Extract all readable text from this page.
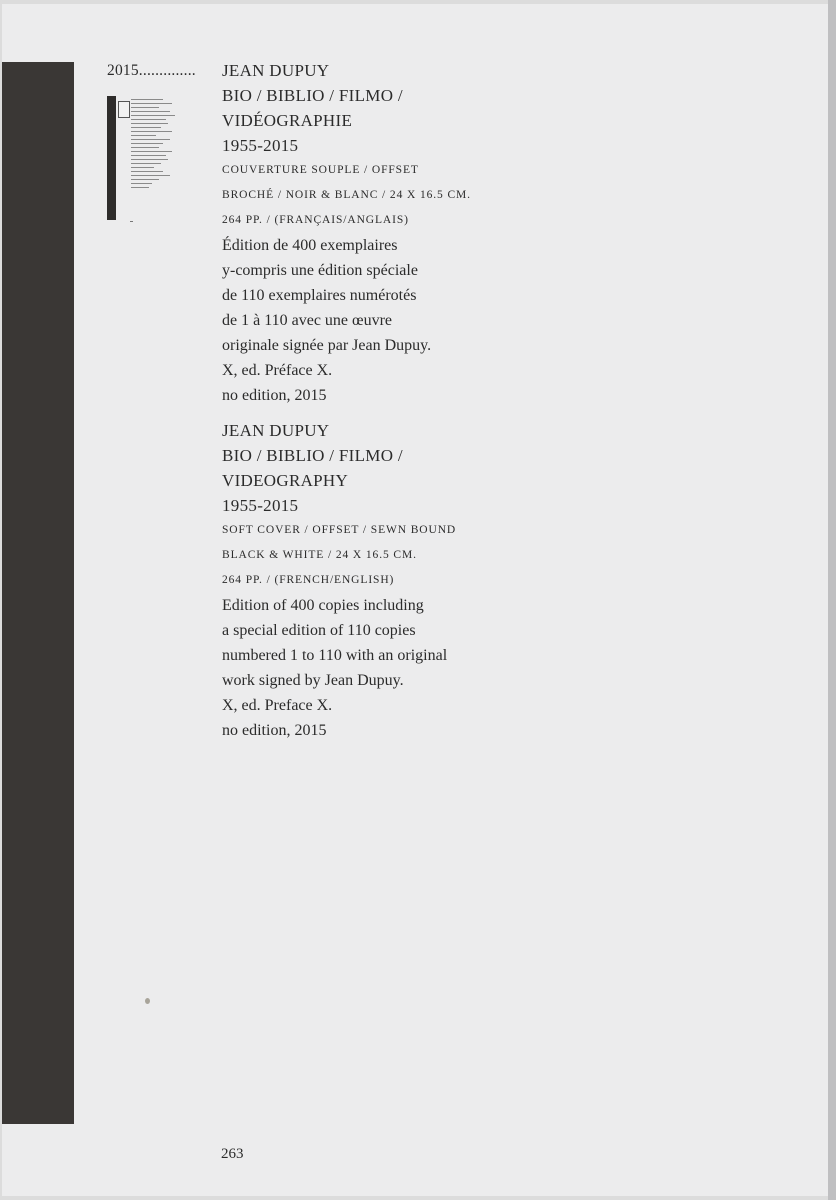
2015.............. JEAN DUPUY
BIO / BIBLIO / FILMO /
VIDÉOGRAPHIE
1955-2015
COUVERTURE SOUPLE / OFFSET
BROCHÉ / NOIR & BLANC / 24 X 16.5 CM.
264 PP. / (FRANÇAIS/ANGLAIS)
Édition de 400 exemplaires
y-compris une édition spéciale
de 110 exemplaires numérotés
de 1 à 110 avec une œuvre
originale signée par Jean Dupuy.
X, ed. Préface X.
no edition, 2015
JEAN DUPUY
BIO / BIBLIO / FILMO /
VIDEOGRAPHY
1955-2015
SOFT COVER / OFFSET / SEWN BOUND
BLACK & WHITE / 24 X 16.5 CM.
264 PP. / (FRENCH/ENGLISH)
Edition of 400 copies including
a special edition of 110 copies
numbered 1 to 110 with an original
work signed by Jean Dupuy.
X, ed. Preface X.
no edition, 2015
263
